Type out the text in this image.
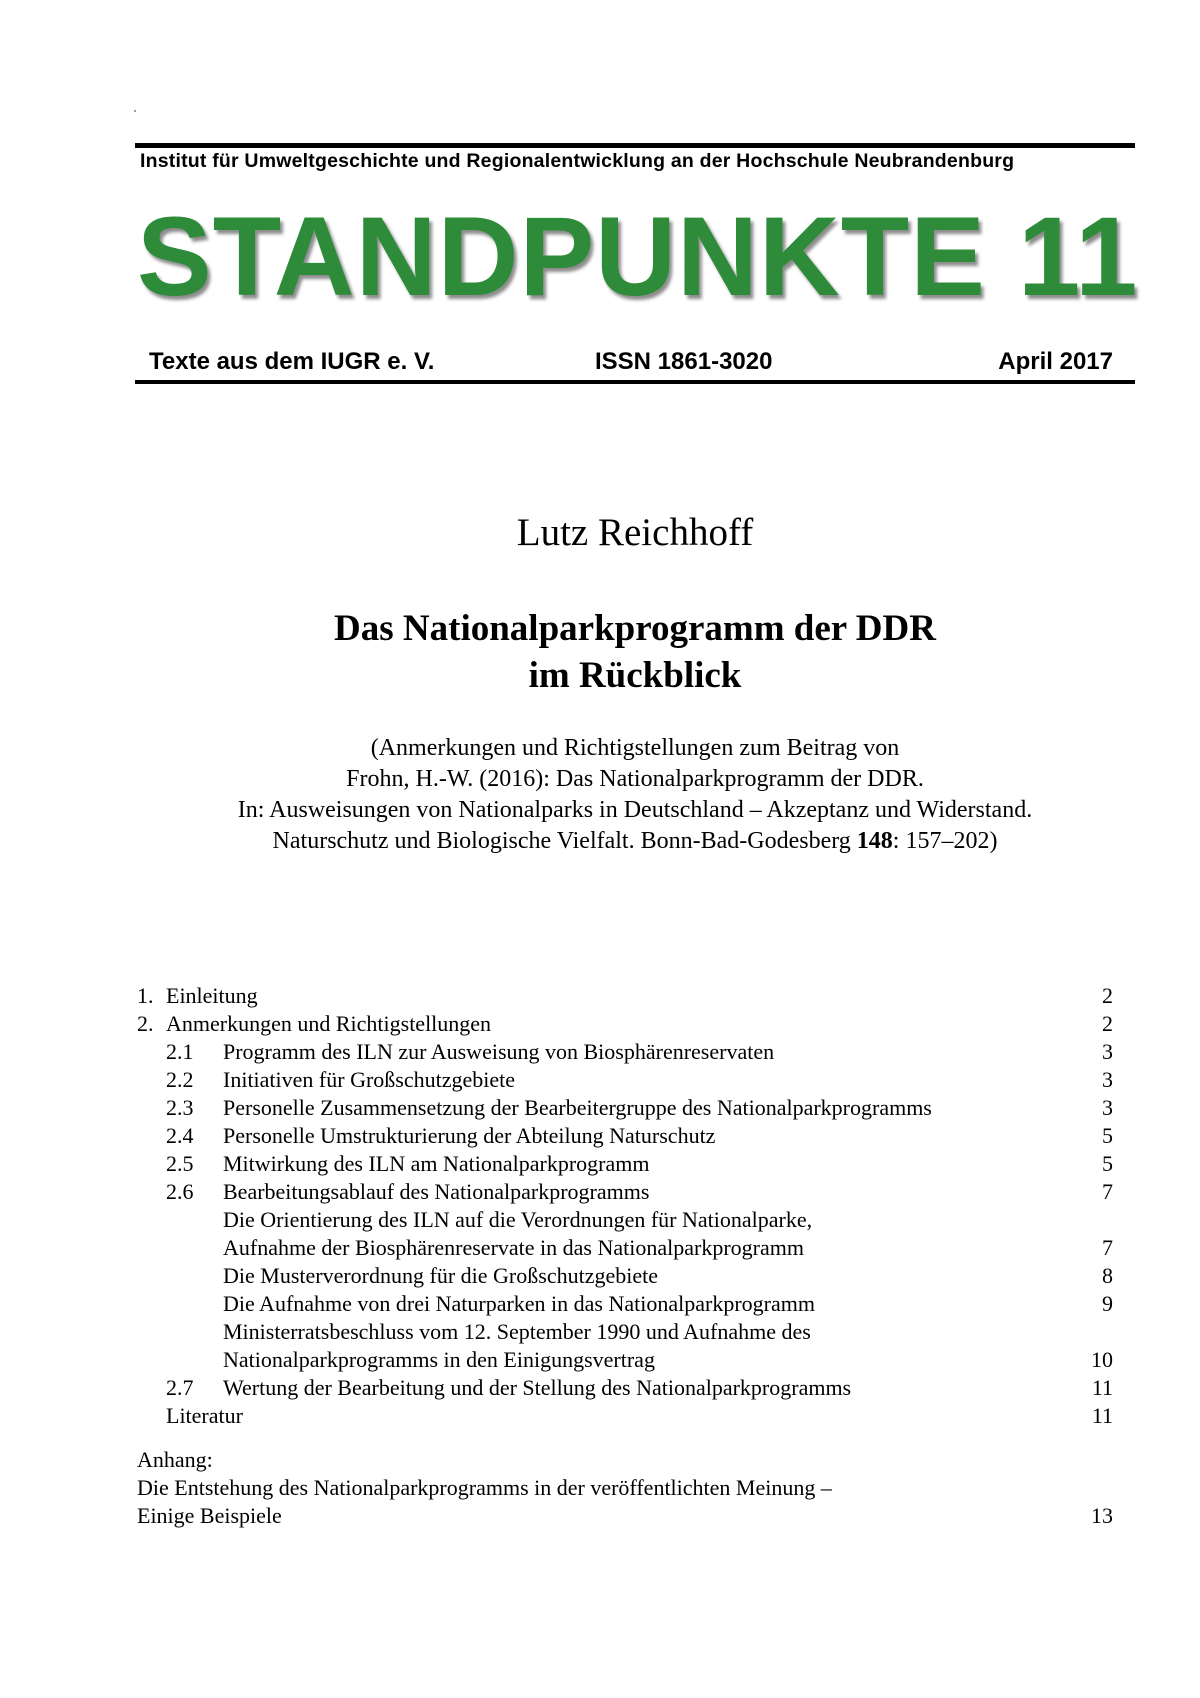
Institut für Umweltgeschichte und Regionalentwicklung an der Hochschule Neubrandenburg
STANDPUNKTE 11
Texte aus dem IUGR e. V.	ISSN 1861-3020	April 2017
Lutz Reichhoff
Das Nationalparkprogramm der DDR
im Rückblick
(Anmerkungen und Richtigstellungen zum Beitrag von
Frohn, H.-W. (2016): Das Nationalparkprogramm der DDR.
In: Ausweisungen von Nationalparks in Deutschland – Akzeptanz und Widerstand.
Naturschutz und Biologische Vielfalt. Bonn-Bad-Godesberg 148: 157–202)
1. Einleitung	2
2. Anmerkungen und Richtigstellungen	2
2.1 Programm des ILN zur Ausweisung von Biosphärenreservaten	3
2.2 Initiativen für Großschutzgebiete	3
2.3 Personelle Zusammensetzung der Bearbeitergruppe des Nationalparkprogramms	3
2.4 Personelle Umstrukturierung der Abteilung Naturschutz	5
2.5 Mitwirkung des ILN am Nationalparkprogramm	5
2.6 Bearbeitungsablauf des Nationalparkprogramms	7
Die Orientierung des ILN auf die Verordnungen für Nationalparke,
Aufnahme der Biosphärenreservate in das Nationalparkprogramm	7
Die Musterverordnung für die Großschutzgebiete	8
Die Aufnahme von drei Naturparken in das Nationalparkprogramm	9
Ministerratsbeschluss vom 12. September 1990 und Aufnahme des
Nationalparkprogramms in den Einigungsvertrag	10
2.7 Wertung der Bearbeitung und der Stellung des Nationalparkprogramms	11
Literatur	11
Anhang:
Die Entstehung des Nationalparkprogramms in der veröffentlichten Meinung –
Einige Beispiele	13
